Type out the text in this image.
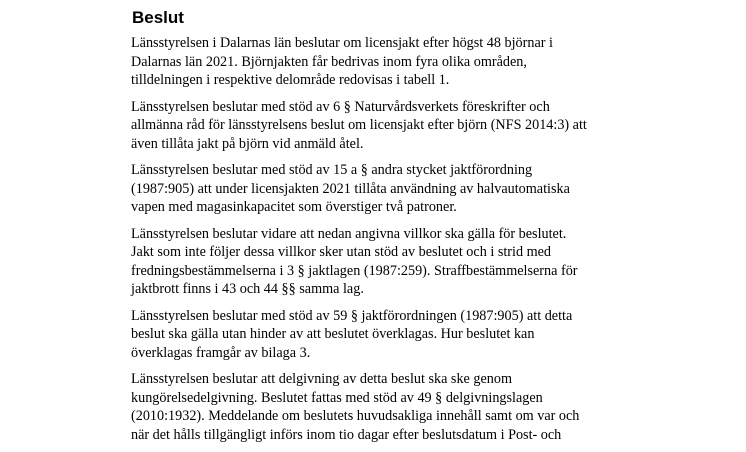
Beslut

Länsstyrelsen i Dalarnas län beslutar om licensjakt efter högst 48 björnar i
Dalarnas län 2021. Björnjakten får bedrivas inom fyra olika områden,
tilldelningen i respektive delområde redovisas i tabell 1.

Länsstyrelsen beslutar med stöd av 6 § Naturvårdsverkets föreskrifter och
allmänna råd för länsstyrelsens beslut om licensjakt efter björn (NFS 2014:3) att
även tillåta jakt på björn vid anmäld åtel.

Länsstyrelsen beslutar med stöd av 15 a § andra stycket jaktförordning
(1987:905) att under licensjakten 2021 tillåta användning av halvautomatiska
vapen med magasinkapacitet som överstiger två patroner.

Länsstyrelsen beslutar vidare att nedan angivna villkor ska gälla för beslutet.
Jakt som inte följer dessa villkor sker utan stöd av beslutet och i strid med
fredningsbestämmelserna i 3 § jaktlagen (1987:259). Straffbestämmelserna för
jaktbrott finns i 43 och 44 §§ samma lag.

Länsstyrelsen beslutar med stöd av 59 § jaktförordningen (1987:905) att detta
beslut ska gälla utan hinder av att beslutet överklagas. Hur beslutet kan
överklagas framgår av bilaga 3.

Länsstyrelsen beslutar att delgivning av detta beslut ska ske genom
kungörelsedelgivning. Beslutet fattas med stöd av 49 § delgivningslagen
(2010:1932). Meddelande om beslutets huvudsakliga innehåll samt om var och
när det hålls tillgängligt införs inom tio dagar efter beslutsdatum i Post- och
